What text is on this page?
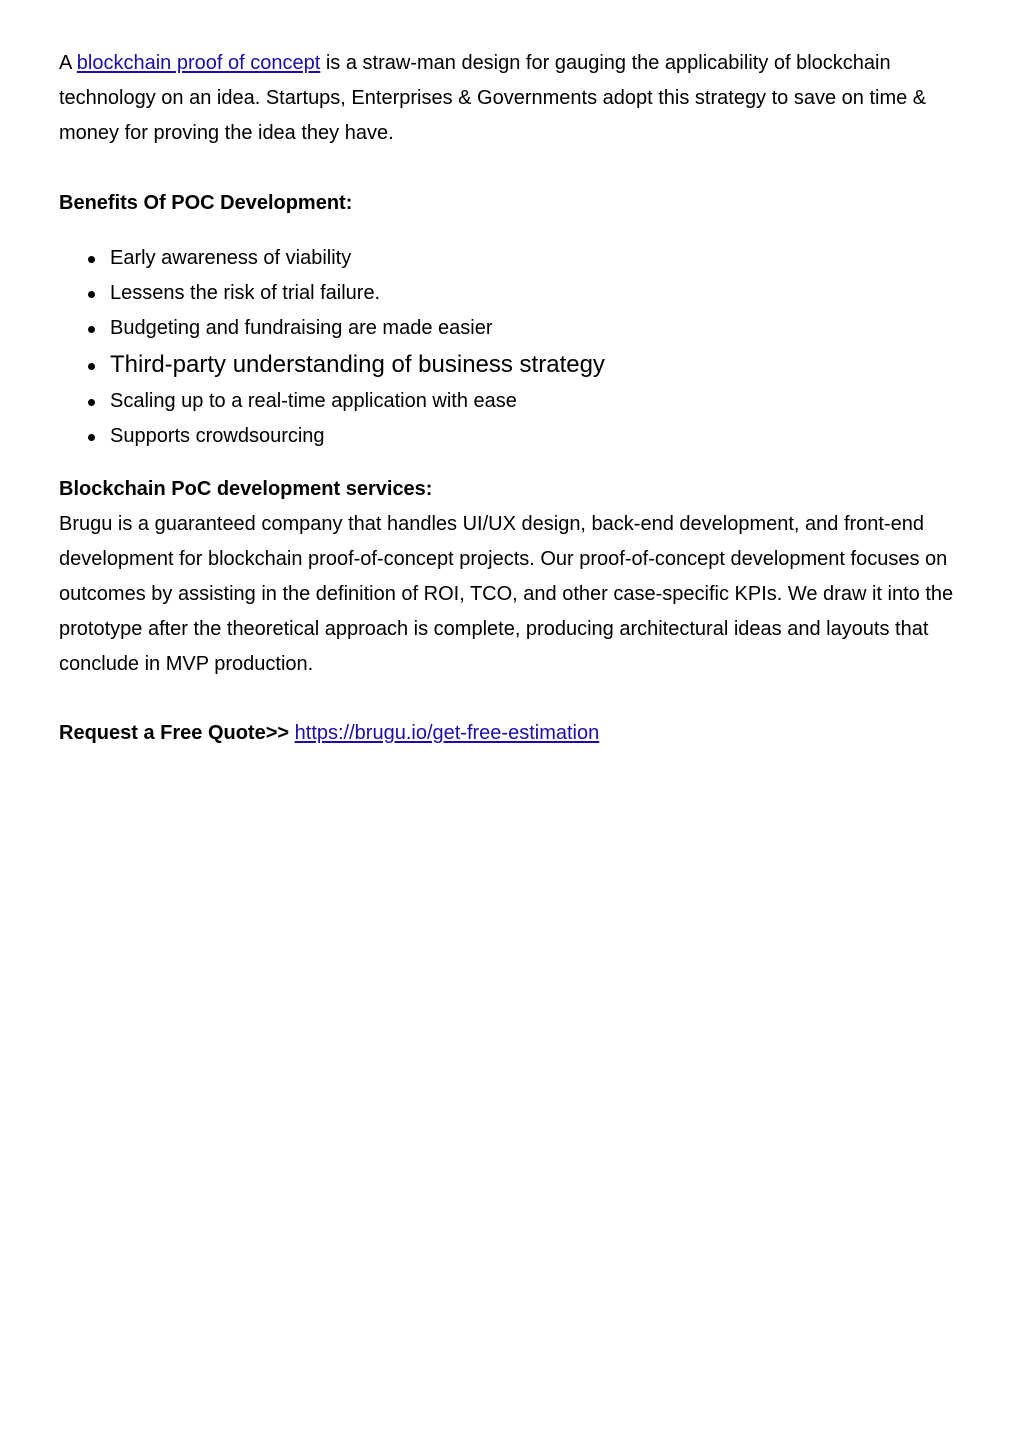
A blockchain proof of concept is a straw-man design for gauging the applicability of blockchain technology on an idea. Startups, Enterprises & Governments adopt this strategy to save on time & money for proving the idea they have.

Benefits Of POC Development:

Early awareness of viability
Lessens the risk of trial failure.
Budgeting and fundraising are made easier
Third-party understanding of business strategy
Scaling up to a real-time application with ease
Supports crowdsourcing

Blockchain PoC development services:

Brugu is a guaranteed company that handles UI/UX design, back-end development, and front-end development for blockchain proof-of-concept projects. Our proof-of-concept development focuses on outcomes by assisting in the definition of ROI, TCO, and other case-specific KPIs. We draw it into the prototype after the theoretical approach is complete, producing architectural ideas and layouts that conclude in MVP production.

Request a Free Quote>> https://brugu.io/get-free-estimation
